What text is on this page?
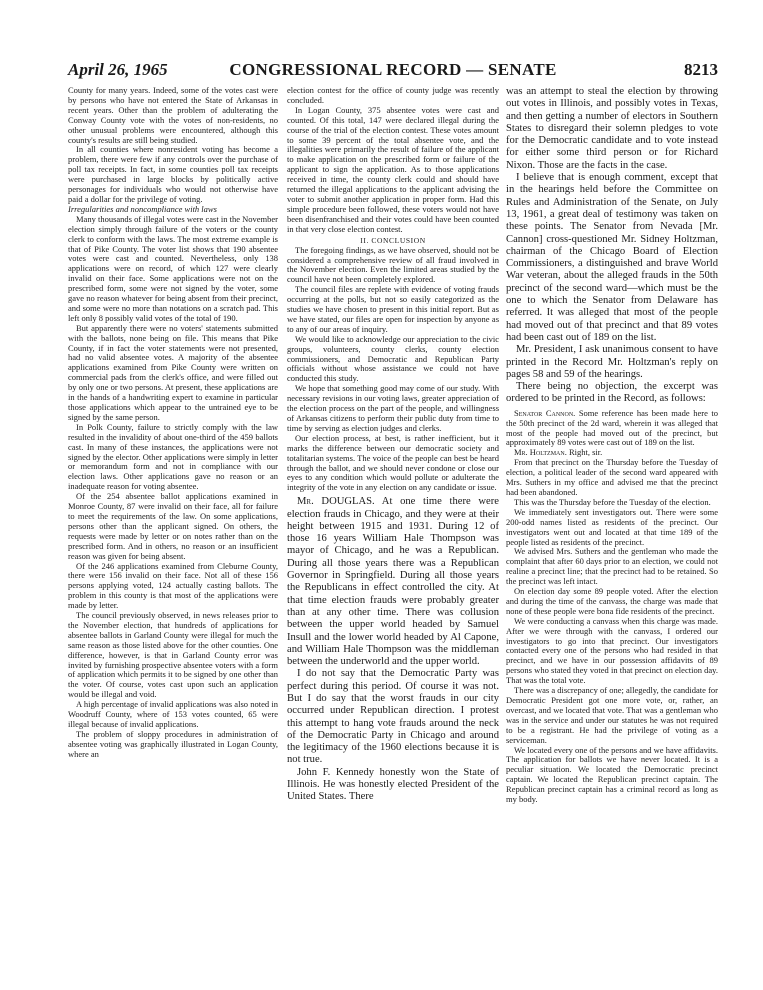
CONGRESSIONAL RECORD — SENATE
April 26, 1965	8213

County for many years. Indeed, some of the votes cast were by persons who have not entered the State of Arkansas in recent years. Other than the problem of adulterating the Conway County vote with the votes of non-residents, no other unusual problems were encountered, although this county's results are still being studied.

In all counties where nonresident voting has become a problem, there were few if any controls over the purchase of poll tax receipts. In fact, in some counties poll tax receipts were purchased in large blocks by politically active personages for individuals who would not otherwise have paid a dollar for the privilege of voting.

Irregularities and noncompliance with laws

Many thousands of illegal votes were cast in the November election simply through failure of the voters or the county clerk to conform with the laws. The most extreme example is that of Pike County. The voter list shows that 190 absentee votes were cast and counted. Nevertheless, only 138 applications were on record, of which 127 were clearly invalid on their face. Some applications were not on the prescribed form, some were not signed by the voter, some gave no reason whatever for being absent from their precinct, and some were no more than notations on a scratch pad. This left only 8 possibly valid votes of the total of 190.

But apparently there were no voters' statements submitted with the ballots, none being on file. This means that Pike County, if in fact the voter statements were not presented, had no valid absentee votes. A majority of the absentee applications examined from Pike County were written on commercial pads from the clerk's office, and were filled out by only one or two persons. At present, these applications are in the hands of a handwriting expert to examine in particular those applications which appear to the untrained eye to be signed by the same person.

In Polk County, failure to strictly comply with the law resulted in the invalidity of about one-third of the 459 ballots cast. In many of these instances, the applications were not signed by the elector. Other applications were simply in letter or memorandum form and not in compliance with our election laws. Other applications gave no reason or an inadequate reason for voting absentee.

Of the 254 absentee ballot applications examined in Monroe County, 87 were invalid on their face, all for failure to meet the requirements of the law. On some applications, persons other than the applicant signed. On others, the requests were made by letter or on notes rather than on the prescribed form. And in others, no reason or an insufficient reason was given for being absent.

Of the 246 applications examined from Cleburne County, there were 156 invalid on their face. Not all of these 156 persons applying voted, 124 actually casting ballots. The problem in this county is that most of the applications were made by letter.

The council previously observed, in news releases prior to the November election, that hundreds of applications for absentee ballots in Garland County were illegal for much the same reason as those listed above for the other counties. One difference, however, is that in Garland County error was invited by furnishing prospective absentee voters with a form of application which permits it to be signed by one other than the voter. Of course, votes cast upon such an application would be illegal and void.

A high percentage of invalid applications was also noted in Woodruff County, where of 153 votes counted, 65 were illegal because of invalid applications.

The problem of sloppy procedures in administration of absentee voting was graphically illustrated in Logan County, where an

election contest for the office of county judge was recently concluded.

In Logan County, 375 absentee votes were cast and counted. Of this total, 147 were declared illegal during the course of the trial of the election contest. These votes amount to some 39 percent of the total absentee vote, and the illegalities were primarily the result of failure of the applicant to make application on the prescribed form or failure of the applicant to sign the application. As to those applications received in time, the county clerk could and should have returned the illegal applications to the applicant advising the voter to submit another application in proper form. Had this simple procedure been followed, these voters would not have been disenfranchised and their votes could have been counted in that very close election contest.

II. CONCLUSION

The foregoing findings, as we have observed, should not be considered a comprehensive review of all fraud involved in the November election. Even the limited areas studied by the council have not been completely explored.

The council files are replete with evidence of voting frauds occurring at the polls, but not so easily categorized as the studies we have chosen to present in this initial report. But as we have stated, our files are open for inspection by anyone as to any of our areas of inquiry.

We would like to acknowledge our appreciation to the civic groups, volunteers, county clerks, county election commissioners, and Democratic and Republican Party officials without whose assistance we could not have conducted this study.

We hope that something good may come of our study. With necessary revisions in our voting laws, greater appreciation of the election process on the part of the people, and willingness of Arkansas citizens to perform their public duty from time to time by serving as election judges and clerks.

Our election process, at best, is rather inefficient, but it marks the difference between our democratic society and totalitarian systems. The voice of the people can best be heard through the ballot, and we should never condone or close our eyes to any condition which would pollute or adulterate the integrity of the vote in any election on any candidate or issue.

Mr. DOUGLAS. At one time there were election frauds in Chicago, and they were at their height between 1915 and 1931. During 12 of those 16 years William Hale Thompson was mayor of Chicago, and he was a Republican. During all those years there was a Republican Governor in Springfield. During all those years the Republicans in effect controlled the city. At that time election frauds were probably greater than at any other time. There was collusion between the upper world headed by Samuel Insull and the lower world headed by Al Capone, and William Hale Thompson was the middleman between the underworld and the upper world.

I do not say that the Democratic Party was perfect during this period. Of course it was not. But I do say that the worst frauds in our city occurred under Republican direction. I protest this attempt to hang vote frauds around the neck of the Democratic Party in Chicago and around the legitimacy of the 1960 elections because it is not true.

John F. Kennedy honestly won the State of Illinois. He was honestly elected President of the United States. There

was an attempt to steal the election by throwing out votes in Illinois, and possibly votes in Texas, and then getting a number of electors in Southern States to disregard their solemn pledges to vote for the Democratic candidate and to vote instead for either some third person or for Richard Nixon. Those are the facts in the case.

I believe that is enough comment, except that in the hearings held before the Committee on Rules and Administration of the Senate, on July 13, 1961, a great deal of testimony was taken on these points. The Senator from Nevada [Mr. Cannon] cross-questioned Mr. Sidney Holtzman, chairman of the Chicago Board of Election Commissioners, a distinguished and brave World War veteran, about the alleged frauds in the 50th precinct of the second ward—which must be the one to which the Senator from Delaware has referred. It was alleged that most of the people had moved out of that precinct and that 89 votes had been cast out of 189 on the list.

Mr. President, I ask unanimous consent to have printed in the Record Mr. Holtzman's reply on pages 58 and 59 of the hearings.

There being no objection, the excerpt was ordered to be printed in the Record, as follows:

Senator Cannon. Some reference has been made here to the 50th precinct of the 2d ward, wherein it was alleged that most of the people had moved out of the precinct, but approximately 89 votes were cast out of 189 on the list.

Mr. Holtzman. Right, sir.

From that precinct on the Thursday before the Tuesday of election, a political leader of the second ward appeared with Mrs. Suthers in my office and advised me that the precinct had been abandoned.

This was the Thursday before the Tuesday of the election.

We immediately sent investigators out. There were some 200-odd names listed as residents of the precinct. Our investigators went out and located at that time 189 of the people listed as residents of the precinct.

We advised Mrs. Suthers and the gentleman who made the complaint that after 60 days prior to an election, we could not realine a precinct line; that the precinct had to be retained. So the precinct was left intact.

On election day some 89 people voted. After the election and during the time of the canvass, the charge was made that none of these people were bona fide residents of the precinct.

We were conducting a canvass when this charge was made. After we were through with the canvass, I ordered our investigators to go into that precinct. Our investigators contacted every one of the persons who had resided in that precinct, and we have in our possession affidavits of 89 persons who stated they voted in that precinct on election day. That was the total vote.

There was a discrepancy of one; allegedly, the candidate for Democratic President got one more vote, or, rather, an overcast, and we located that vote. That was a gentleman who was in the service and under our statutes he was not required to be a registrant. He had the privilege of voting as a serviceman.

We located every one of the persons and we have affidavits. The application for ballots we have never located. It is a peculiar situation. We located the Democratic precinct captain. We located the Republican precinct captain. The Republican precinct captain has a criminal record as long as my body.
